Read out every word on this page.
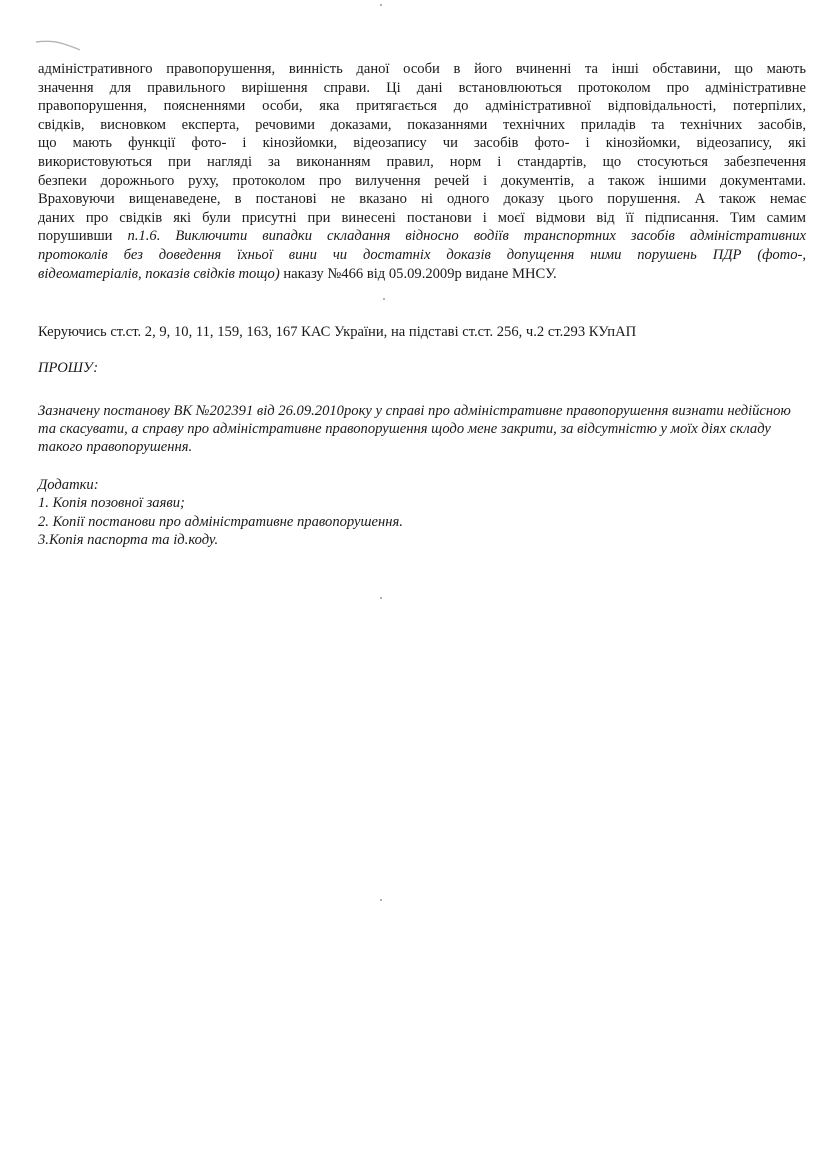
адміністративного правопорушення, винність даної особи в його вчиненні та інші обставини, що мають
значення для правильного вирішення справи. Ці дані встановлюються протоколом про адміністративне
правопорушення, поясненнями особи, яка притягається до адміністративної відповідальності, потерпілих,
свідків, висновком експерта, речовими доказами, показаннями технічних приладів та технічних засобів,
що мають функції фото- і кінозйомки, відеозапису чи засобів фото- і кінозйомки, відеозапису, які
використовуються при нагляді за виконанням правил, норм і стандартів, що стосуються забезпечення
безпеки дорожнього руху, протоколом про вилучення речей і документів, а також іншими документами.
Враховуючи вищенаведене, в постанові не вказано ні одного доказу цього порушення. А також немає
даних про свідків які були присутні при винесені постанови і моєї відмови від її підписання. Тим самим
порушивши п.1.6. Виключити випадки складання відносно водіїв транспортних засобів адміністративних
протоколів без доведення їхньої вини чи достатніх доказів допущення ними порушень ПДР (фото-,
відеоматеріалів, показів свідків тощо) наказу №466 від 05.09.2009р видане МНСУ.
Керуючись ст.ст. 2, 9, 10, 11, 159, 163, 167 КАС України, на підставі ст.ст. 256, ч.2 ст.293 КУпАП
ПРОШУ:
Зазначену постанову ВК №202391 від 26.09.2010року у справі про адміністративне правопорушення визнати недійсною та скасувати, а справу про адміністративне правопорушення щодо мене закрити, за відсутністю у моїх діях складу такого правопорушення.
Додатки:
1. Копія позовної заяви;
2. Копії постанови про адміністративне правопорушення.
3.Копія паспорта та ід.коду.
